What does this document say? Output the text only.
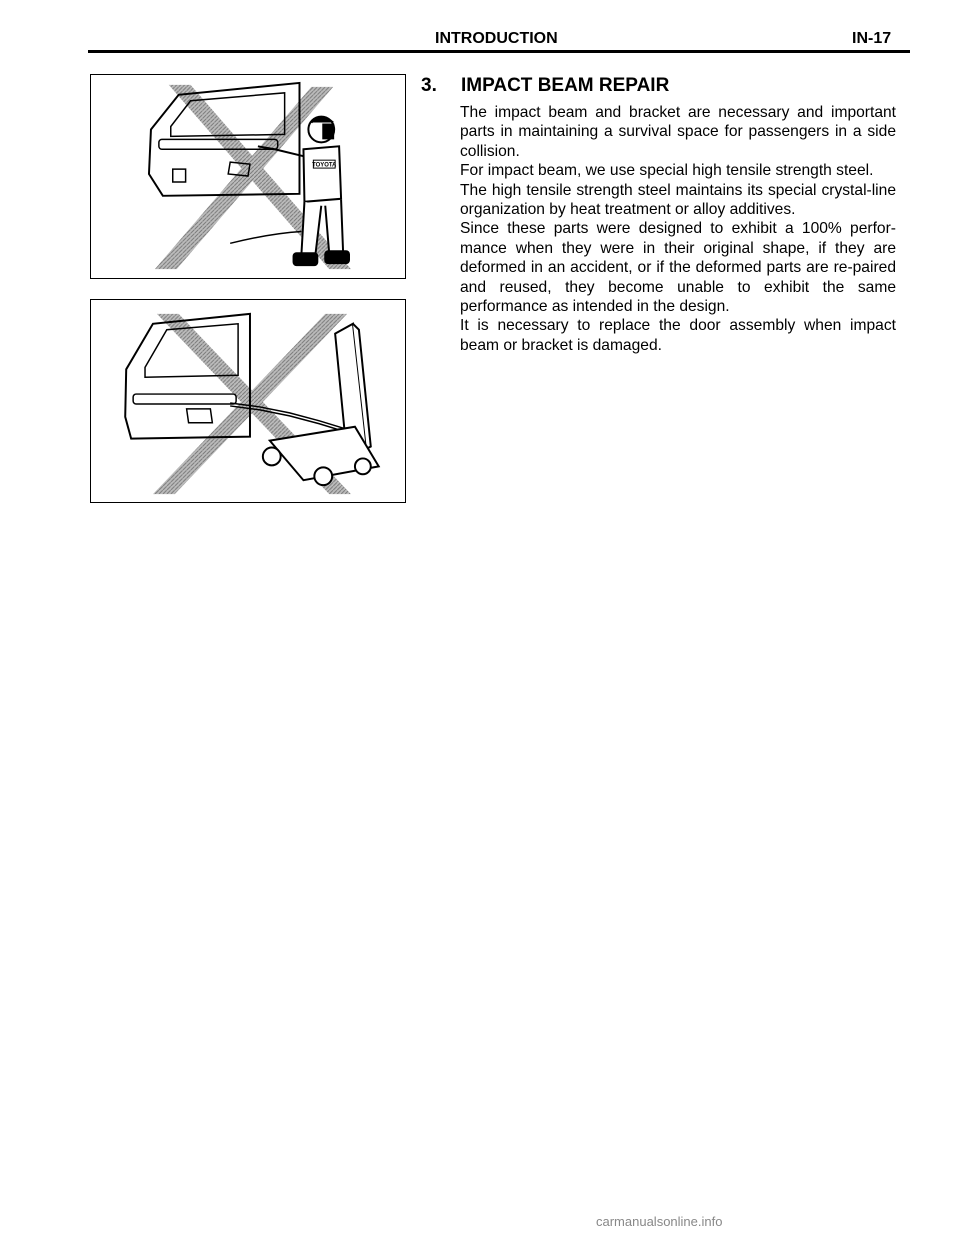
INTRODUCTION	IN-17
TOYOTA
3. IMPACT BEAM REPAIR

The impact beam and bracket are necessary and important parts in maintaining a survival space for passengers in a side collision.

For impact beam, we use special high tensile strength steel.

The high tensile strength steel maintains its special crystal-line organization by heat treatment or alloy additives.

Since these parts were designed to exhibit a 100% perfor-mance when they were in their original shape, if they are deformed in an accident, or if the deformed parts are re-paired and reused, they become unable to exhibit the same performance as intended in the design.

It is necessary to replace the door assembly when impact beam or bracket is damaged.

carmanualsonline.info
